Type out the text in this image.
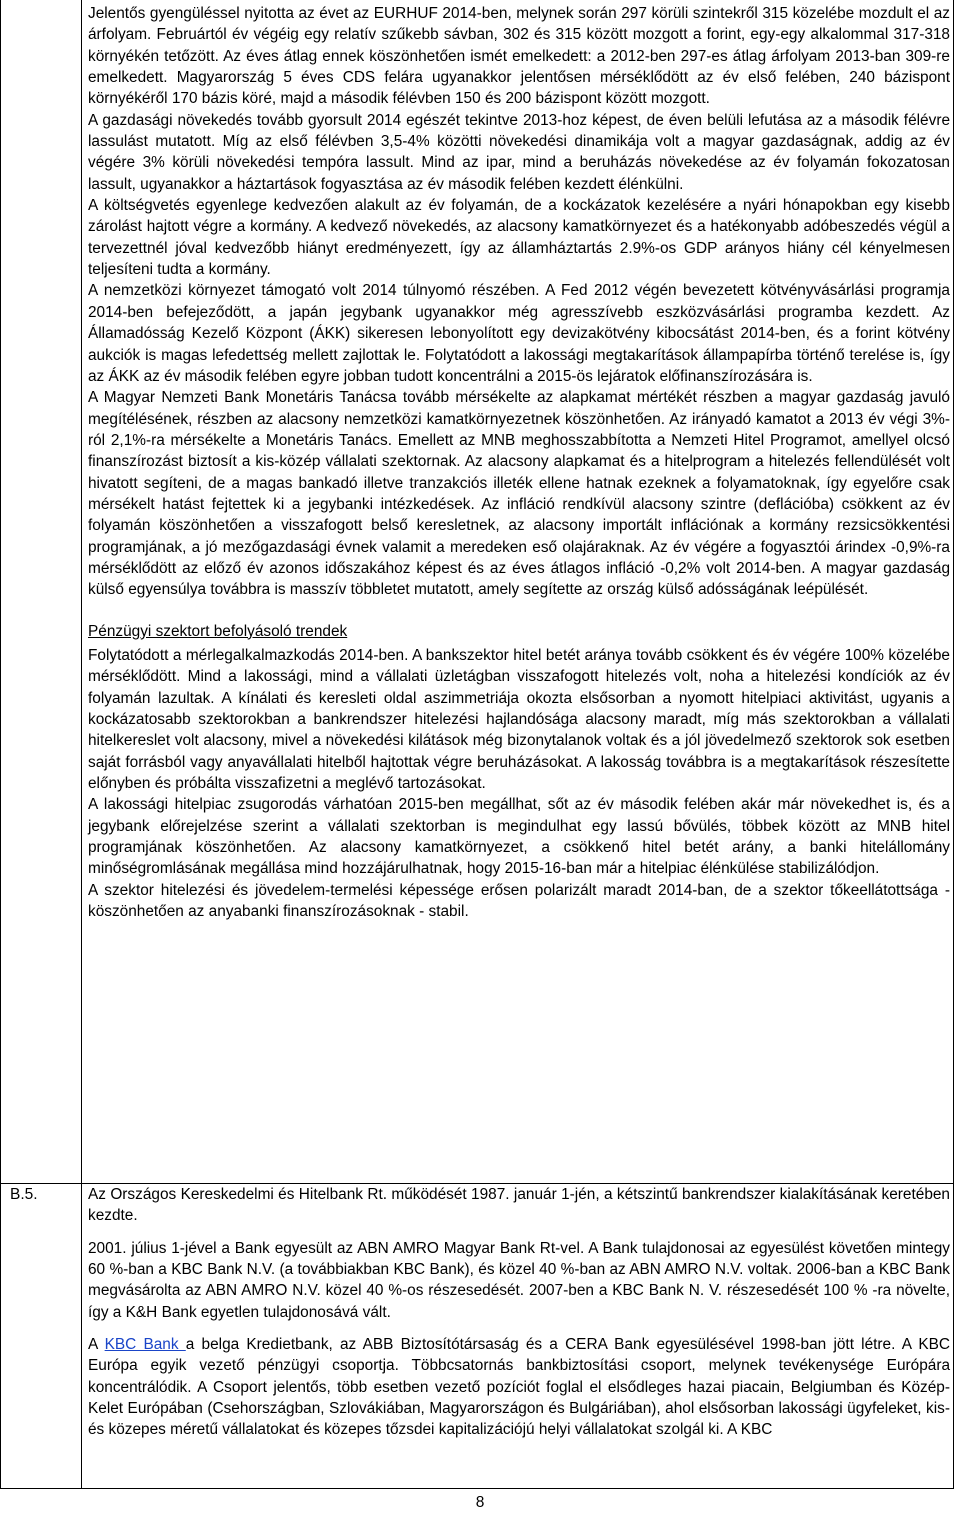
Jelentős gyengüléssel nyitotta az évet az EURHUF 2014-ben, melynek során 297 körüli szintekről 315 közelébe mozdult el az árfolyam. Februártól év végéig egy relatív szűkebb sávban, 302 és 315 között mozgott a forint, egy-egy alkalommal 317-318 környékén tetőzött. Az éves átlag ennek köszönhetően ismét emelkedett: a 2012-ben 297-es átlag árfolyam 2013-ban 309-re emelkedett. Magyarország 5 éves CDS felára ugyanakkor jelentősen mérséklődött az év első felében, 240 bázispont környékéről 170 bázis köré, majd a második félévben 150 és 200 bázispont között mozgott.

A gazdasági növekedés tovább gyorsult 2014 egészét tekintve 2013-hoz képest, de éven belüli lefutása az a második félévre lassulást mutatott. Míg az első félévben 3,5-4% közötti növekedési dinamikája volt a magyar gazdaságnak, addig az év végére 3% körüli növekedési tempóra lassult. Mind az ipar, mind a beruházás növekedése az év folyamán fokozatosan lassult, ugyanakkor a háztartások fogyasztása az év második felében kezdett élénkülni.

A költségvetés egyenlege kedvezően alakult az év folyamán, de a kockázatok kezelésére a nyári hónapokban egy kisebb zárolást hajtott végre a kormány. A kedvező növekedés, az alacsony kamatkörnyezet és a hatékonyabb adóbeszedés végül a tervezettnél jóval kedvezőbb hiányt eredményezett, így az államháztartás 2.9%-os GDP arányos hiány cél kényelmesen teljesíteni tudta a kormány.

A nemzetközi környezet támogató volt 2014 túlnyomó részében. A Fed 2012 végén bevezetett kötvényvásárlási programja 2014-ben befejeződött, a japán jegybank ugyanakkor még agresszívebb eszközvásárlási programba kezdett. Az Államadósság Kezelő Központ (ÁKK) sikeresen lebonyolított egy devizakötvény kibocsátást 2014-ben, és a forint kötvény aukciók is magas lefedettség mellett zajlottak le. Folytatódott a lakossági megtakarítások állampapírba történő terelése is, így az ÁKK az év második felében egyre jobban tudott koncentrálni a 2015-ös lejáratok előfinanszírozására is.

A Magyar Nemzeti Bank Monetáris Tanácsa tovább mérsékelte az alapkamat mértékét részben a magyar gazdaság javuló megítélésének, részben az alacsony nemzetközi kamatkörnyezetnek köszönhetően. Az irányadó kamatot a 2013 év végi 3%-ról 2,1%-ra mérsékelte a Monetáris Tanács. Emellett az MNB meghosszabbította a Nemzeti Hitel Programot, amellyel olcsó finanszírozást biztosít a kis-közép vállalati szektornak. Az alacsony alapkamat és a hitelprogram a hitelezés fellendülését volt hivatott segíteni, de a magas bankadó illetve tranzakciós illeték ellene hatnak ezeknek a folyamatoknak, így egyelőre csak mérsékelt hatást fejtettek ki a jegybanki intézkedések. Az infláció rendkívül alacsony szintre (deflációba) csökkent az év folyamán köszönhetően a visszafogott belső keresletnek, az alacsony importált inflációnak a kormány rezsicsökkentési programjának, a jó mezőgazdasági évnek valamit a meredeken eső olajáraknak. Az év végére a fogyasztói árindex -0,9%-ra mérséklődött az előző év azonos időszakához képest és az éves átlagos infláció -0,2% volt 2014-ben. A magyar gazdaság külső egyensúlya továbbra is masszív többletet mutatott, amely segítette az ország külső adósságának leépülését.

Pénzügyi szektort befolyásoló trendek

Folytatódott a mérlegalkalmazkodás 2014-ben. A bankszektor hitel betét aránya tovább csökkent és év végére 100% közelébe mérséklődött. Mind a lakossági, mind a vállalati üzletágban visszafogott hitelezés volt, noha a hitelezési kondíciók az év folyamán lazultak. A kínálati és keresleti oldal aszimmetriája okozta elsősorban a nyomott hitelpiaci aktivitást, ugyanis a kockázatosabb szektorokban a bankrendszer hitelezési hajlandósága alacsony maradt, míg más szektorokban a vállalati hitelkereslet volt alacsony, mivel a növekedési kilátások még bizonytalanok voltak és a jól jövedelmező szektorok sok esetben saját forrásból vagy anyavállalati hitelből hajtottak végre beruházásokat. A lakosság továbbra is a megtakarítások részesítette előnyben és próbálta visszafizetni a meglévő tartozásokat.

A lakossági hitelpiac zsugorodás várhatóan 2015-ben megállhat, sőt az év második felében akár már növekedhet is, és a jegybank előrejelzése szerint a vállalati szektorban is megindulhat egy lassú bővülés, többek között az MNB hitel programjának köszönhetően. Az alacsony kamatkörnyezet, a csökkenő hitel betét arány, a banki hitelállomány minőségromlásának megállása mind hozzájárulhatnak, hogy 2015-16-ban már a hitelpiac élénkülése stabilizálódjon.

A szektor hitelezési és jövedelem-termelési képessége erősen polarizált maradt 2014-ban, de a szektor tőkeellátottsága - köszönhetően az anyabanki finanszírozásoknak - stabil.

B.5.	Az Országos Kereskedelmi és Hitelbank Rt. működését 1987. január 1-jén, a kétszintű bankrendszer kialakításának keretében kezdte.

2001. július 1-jével a Bank egyesült az ABN AMRO Magyar Bank Rt-vel. A Bank tulajdonosai az egyesülést követően mintegy 60 %-ban a KBC Bank N.V. (a továbbiakban KBC Bank), és közel 40 %-ban az ABN AMRO N.V. voltak. 2006-ban a KBC Bank megvásárolta az ABN AMRO N.V. közel 40 %-os részesedését. 2007-ben a KBC Bank N. V. részesedését 100 % -ra növelte, így a K&H Bank egyetlen tulajdonosává vált.

A KBC Bank a belga Kredietbank, az ABB Biztosítótársaság és a CERA Bank egyesülésével 1998-ban jött létre. A KBC Európa egyik vezető pénzügyi csoportja. Többcsatornás bankbiztosítási csoport, melynek tevékenysége Európára koncentrálódik. A Csoport jelentős, több esetben vezető pozíciót foglal el elsődleges hazai piacain, Belgiumban és Közép-Kelet Európában (Csehországban, Szlovákiában, Magyarországon és Bulgáriában), ahol elsősorban lakossági ügyfeleket, kis- és közepes méretű vállalatokat és közepes tőzsdei kapitalizációjú helyi vállalatokat szolgál ki. A KBC

8
